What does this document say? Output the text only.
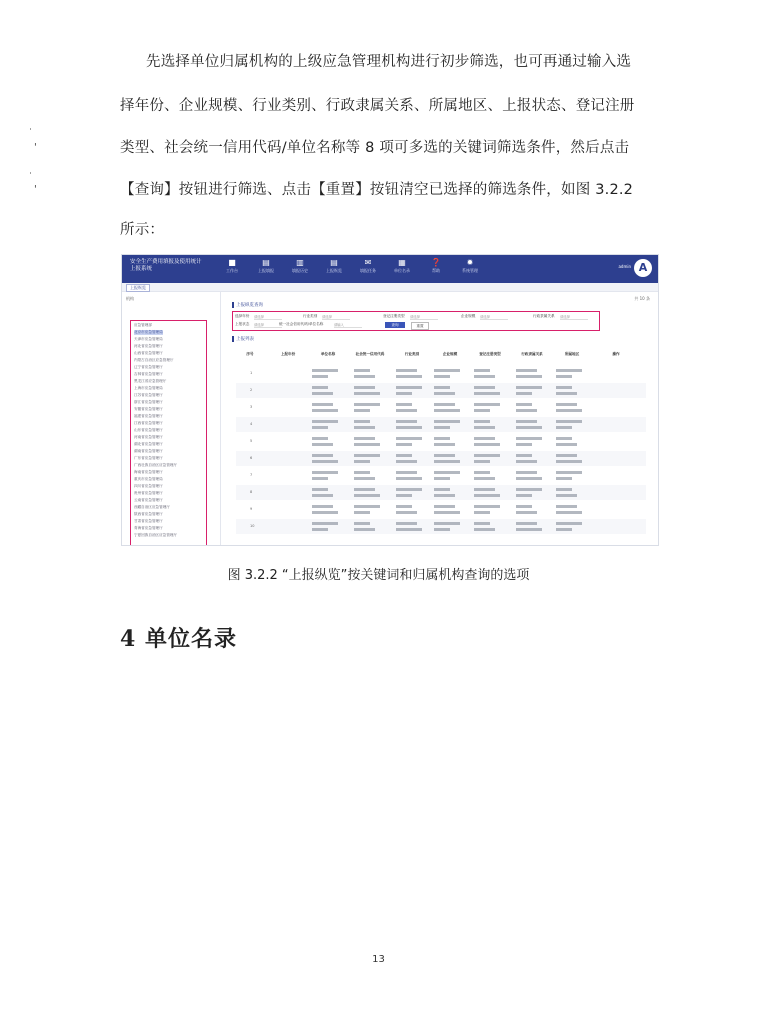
先选择单位归属机构的上级应急管理机构进行初步筛选，也可再通过输入选
择年份、企业规模、行业类别、行政隶属关系、所属地区、上报状态、登记注册
类型、社会统一信用代码/单位名称等 8 项可多选的关键词筛选条件，然后点击
【查询】按钮进行筛选、点击【重置】按钮清空已选择的筛选条件，如图 3.2.2
所示：
˙
'
˙
'
安全生产费用填报及使用统计
上报系统
■
工作台
▤
上报填报
▥
填报历史
▤
上报纵览
✉
填报任务
▦
单位名录
❓
帮助
✹
系统管理
admin A
上报纵览
机构
应急管理部
北京市应急管理局
天津市应急管理局
河北省应急管理厅
山西省应急管理厅
内蒙古自治区应急管理厅
辽宁省应急管理厅
吉林省应急管理厅
黑龙江省应急管理厅
上海市应急管理局
江苏省应急管理厅
浙江省应急管理厅
安徽省应急管理厅
福建省应急管理厅
江西省应急管理厅
山东省应急管理厅
河南省应急管理厅
湖北省应急管理厅
湖南省应急管理厅
广东省应急管理厅
广西壮族自治区应急管理厅
海南省应急管理厅
重庆市应急管理局
四川省应急管理厅
贵州省应急管理厅
云南省应急管理厅
西藏自治区应急管理厅
陕西省应急管理厅
甘肃省应急管理厅
青海省应急管理厅
宁夏回族自治区应急管理厅
共 10 条
上报纵览查询
查询	重置
选择年份 请选择	行业类别 请选择	登记注册类型 请选择	企业规模 请选择	行政隶属关系 请选择
上报状态 请选择	统一社会信用代码/单位名称	请输入
上报列表
序号	上报年份	单位名称	社会统一信用代码	行业类别	企业规模	登记注册类型	行政隶属关系	所属地区	操作
1
2
3
4
5
6
7
8
9
10
图 3.2.2 “上报纵览”按关键词和归属机构查询的选项
4 单位名录
13
